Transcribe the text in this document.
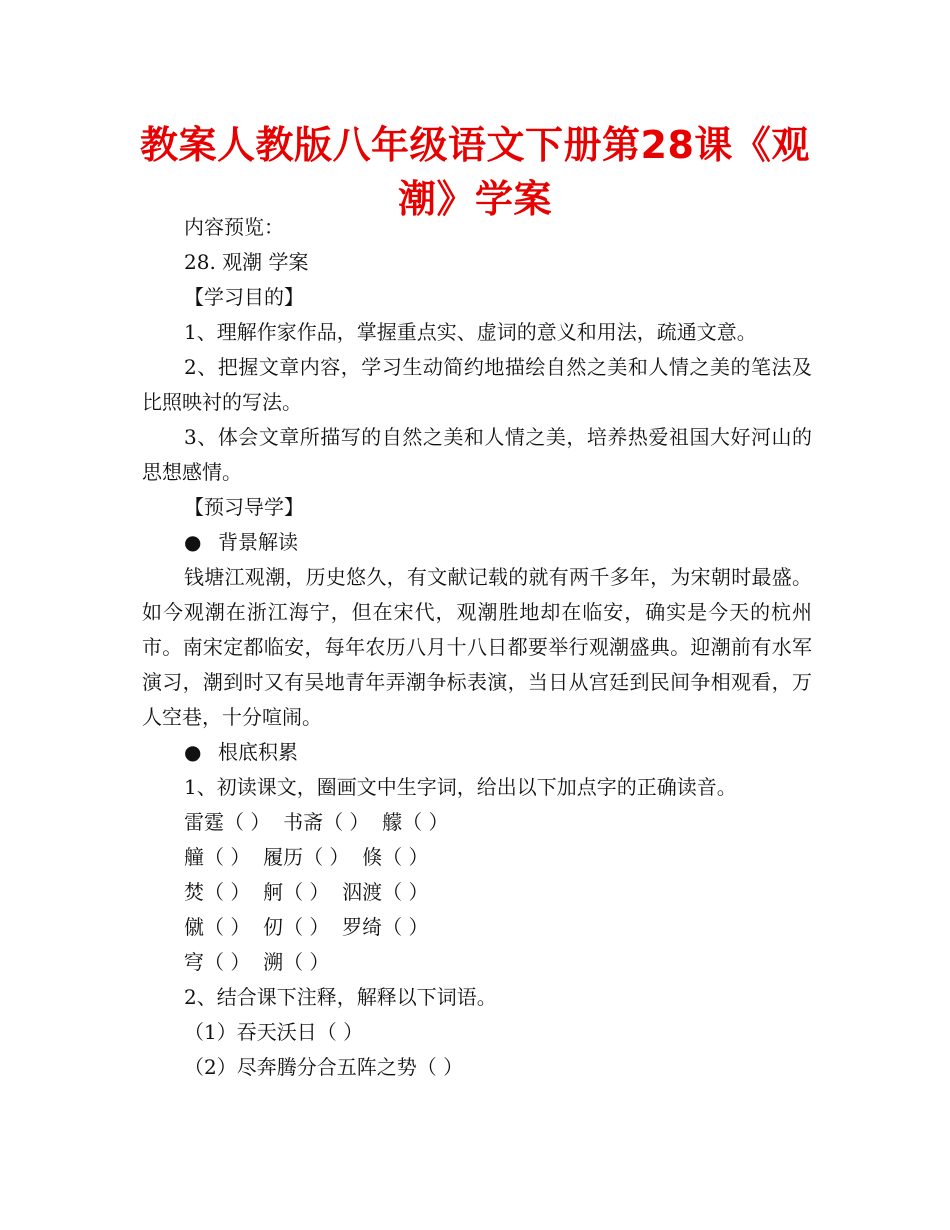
教案人教版八年级语文下册第28课《观潮》学案
内容预览：
28. 观潮 学案
【学习目的】

1、理解作家作品，掌握重点实、虚词的意义和用法，疏通文意。

2、把握文章内容，学习生动简约地描绘自然之美和人情之美的笔法及比照映衬的写法。

3、体会文章所描写的自然之美和人情之美，培养热爱祖国大好河山的思想感情。

【预习导学】
● 背景解读

钱塘江观潮，历史悠久，有文献记载的就有两千多年，为宋朝时最盛。如今观潮在浙江海宁，但在宋代，观潮胜地却在临安，确实是今天的杭州市。南宋定都临安，每年农历八月十八日都要举行观潮盛典。迎潮前有水军演习，潮到时又有吴地青年弄潮争标表演，当日从宫廷到民间争相观看，万人空巷，十分喧闹。

● 根底积累
1、初读课文，圈画文中生字词，给出以下加点字的正确读音。
雷霆（ ）  书斋（ ）  艨（ ）
艟（ ）  履历（ ）  倏（ ）
焚（ ）  舸（ ）  泅渡（ ）
僦（ ）  仞（ ）  罗绮（ ）
穹（ ）  溯（ ）
2、结合课下注释，解释以下词语。
（1）吞天沃日（ ）
（2）尽奔腾分合五阵之势（ ）
